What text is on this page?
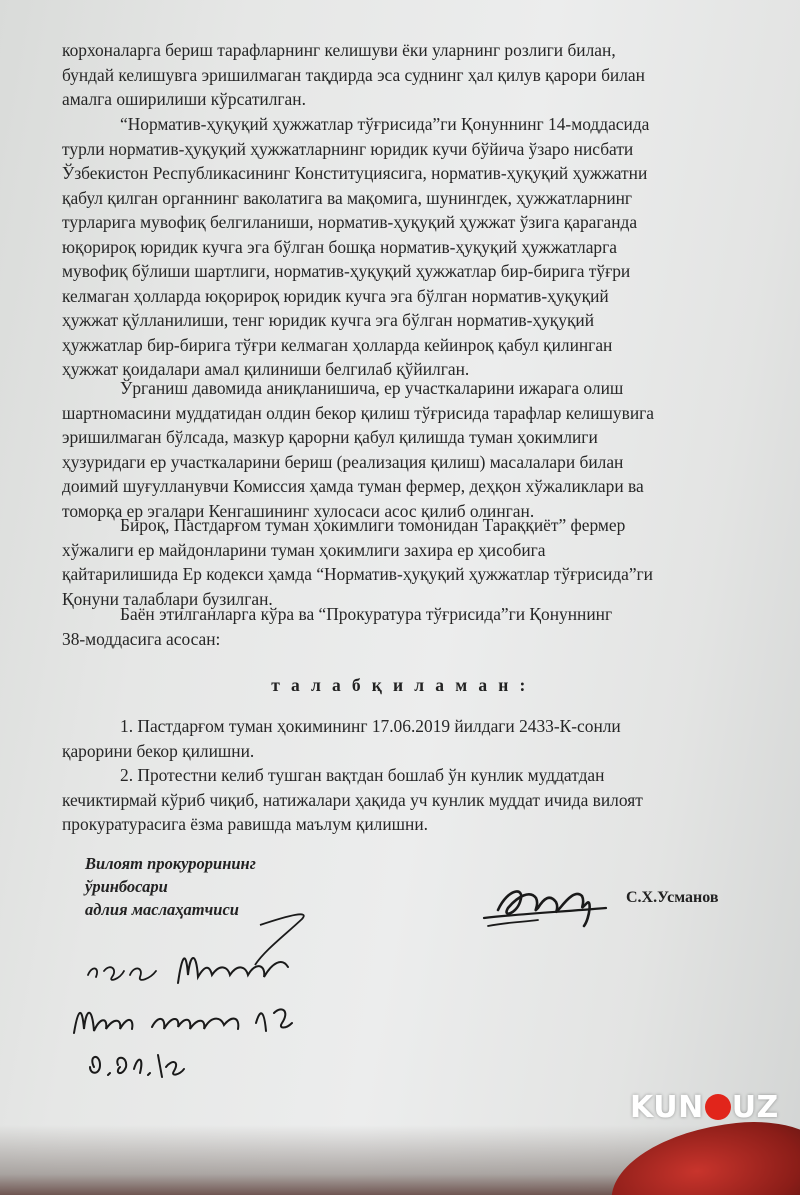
корхоналарга бериш тарафларнинг келишуви ёки уларнинг розлиги билан,

бундай келишувга эришилмаган тақдирда эса суднинг ҳал қилув қарори билан

амалга оширилиши кўрсатилган.

“Норматив-ҳуқуқий ҳужжатлар тўғрисида”ги Қонуннинг 14-моддасида

турли норматив-ҳуқуқий ҳужжатларнинг юридик кучи бўйича ўзаро нисбати

Ўзбекистон Республикасининг Конституциясига, норматив-ҳуқуқий ҳужжатни

қабул қилган органнинг ваколатига ва мақомига, шунингдек, ҳужжатларнинг

турларига мувофиқ белгиланиши, норматив-ҳуқуқий ҳужжат ўзига қараганда

юқорироқ юридик кучга эга бўлган бошқа норматив-ҳуқуқий ҳужжатларга

мувофиқ бўлиши шартлиги, норматив-ҳуқуқий ҳужжатлар бир-бирига тўғри

келмаган ҳолларда юқорироқ юридик кучга эга бўлган норматив-ҳуқуқий

ҳужжат қўлланилиши, тенг юридик кучга эга бўлган норматив-ҳуқуқий

ҳужжатлар бир-бирига тўғри келмаган ҳолларда кейинроқ қабул қилинган

ҳужжат қоидалари амал қилиниши белгилаб қўйилган.

Ўрганиш давомида аниқланишича, ер участкаларини ижарага олиш

шартномасини муддатидан олдин бекор қилиш тўғрисида тарафлар келишувига

эришилмаган бўлсада, мазкур қарорни қабул қилишда туман ҳокимлиги

ҳузуридаги ер участкаларини бериш (реализация қилиш) масалалари билан

доимий шуғулланувчи Комиссия ҳамда туман фермер, деҳқон хўжаликлари ва

томорқа ер эгалари Кенгашининг хулосаси асос қилиб олинган.

Бироқ, Пастдарғом туман ҳокимлиги томонидан Тараққиёт” фермер

хўжалиги ер майдонларини туман ҳокимлиги захира ер ҳисобига

қайтарилишида Ер кодекси ҳамда “Норматив-ҳуқуқий ҳужжатлар тўғрисида”ги

Қонуни талаблари бузилган.

Баён этилганларга кўра ва “Прокуратура тўғрисида”ги Қонуннинг

38-моддасига асосан:

т а л а б қ и л а м а н :

1. Пастдарғом туман ҳокимининг 17.06.2019 йилдаги 2433-К-сонли

қарорини бекор қилишни.

2. Протестни келиб тушган вақтдан бошлаб ўн кунлик муддатдан

кечиктирмай кўриб чиқиб, натижалари ҳақида уч кунлик муддат ичида вилоят

прокуратурасига ёзма равишда маълум қилишни.

Вилоят прокурорининг
ўринбосари
адлия маслаҳатчиси
С.Х.Усманов
KUN UZ
